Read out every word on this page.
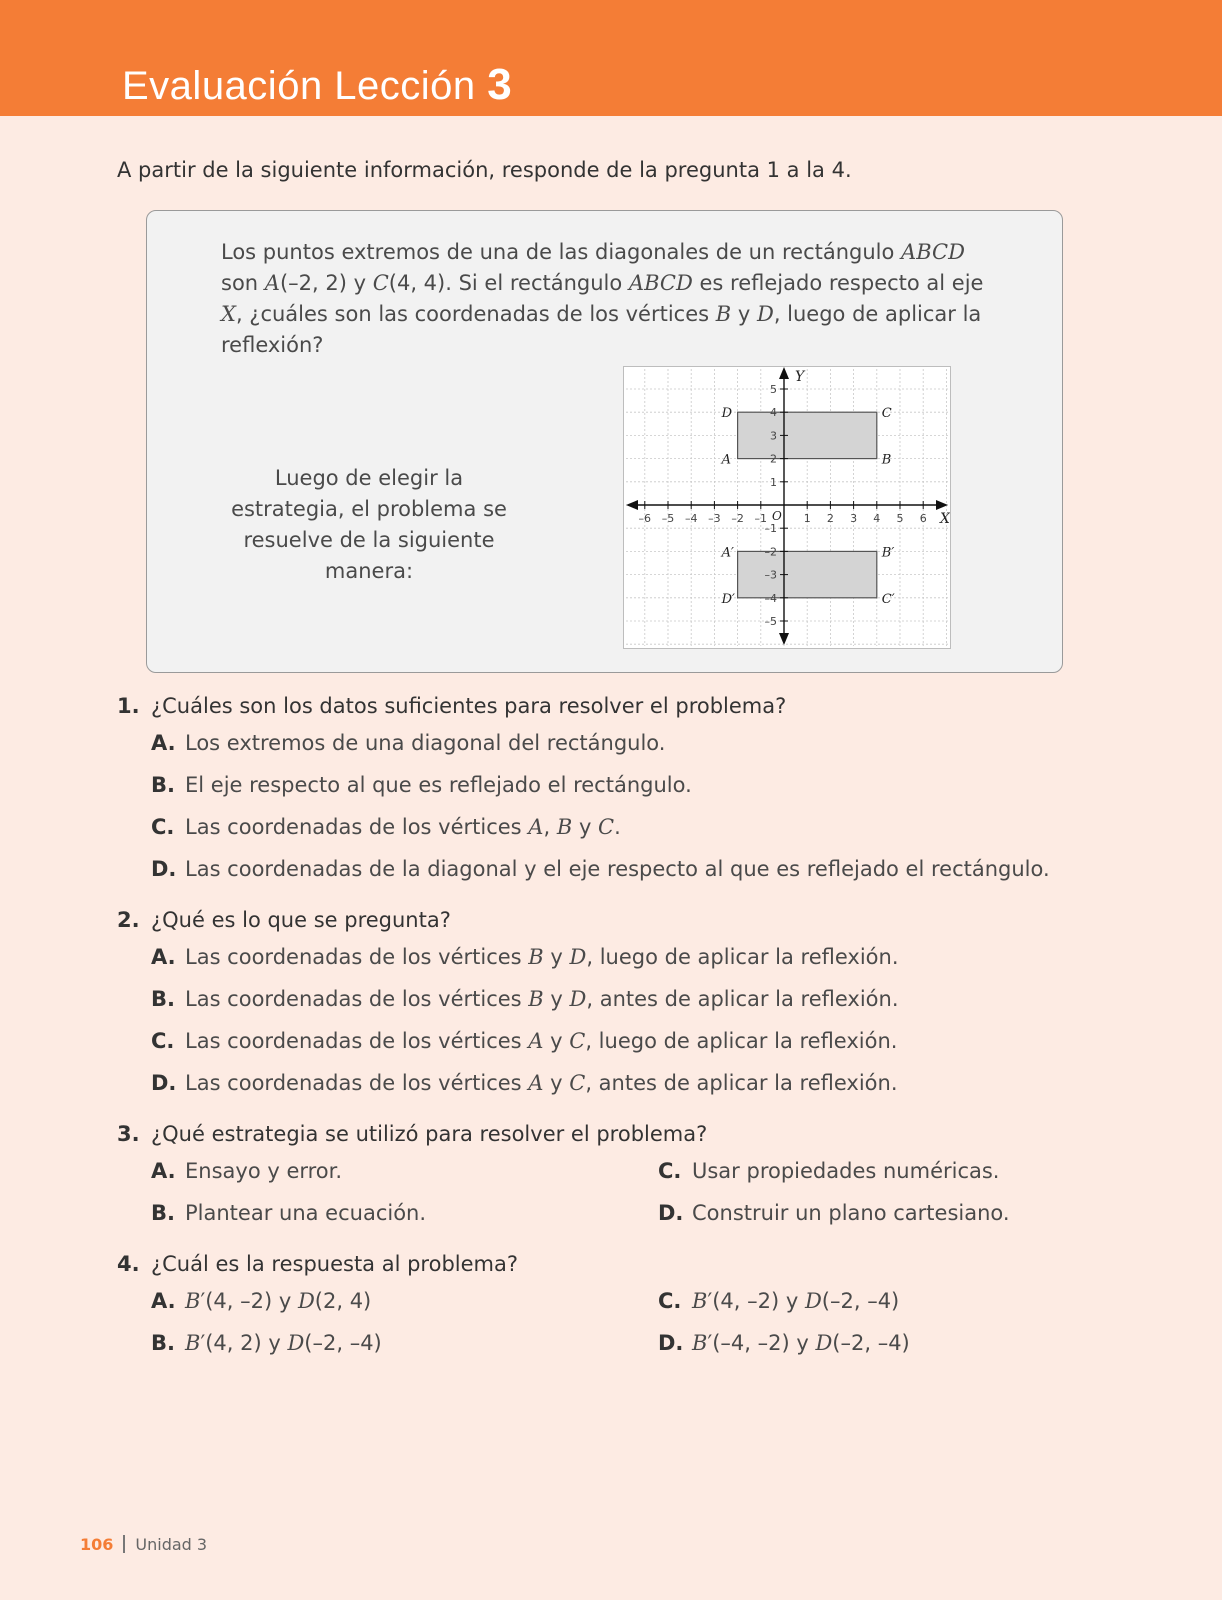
Evaluación Lección 3
A partir de la siguiente información, responde de la pregunta 1 a la 4.
Los puntos extremos de una de las diagonales de un rectángulo ABCD son A(–2, 2) y C(4, 4). Si el rectángulo ABCD es reflejado respecto al eje X, ¿cuáles son las coordenadas de los vértices B y D, luego de aplicar la reflexión?
Luego de elegir la estrategia, el problema se resuelve de la siguiente manera:
–6 –5 –4 –3 –2 –1	1 2 3 4 5 6
–5
–4
–3
–2
–1
1
2
3
4
5
X
Y
O
D	C
A	B
A′	B′
D′	C′
1. ¿Cuáles son los datos suficientes para resolver el problema?
A. Los extremos de una diagonal del rectángulo.
B. El eje respecto al que es reflejado el rectángulo.
C. Las coordenadas de los vértices A, B y C.
D. Las coordenadas de la diagonal y el eje respecto al que es reflejado el rectángulo.
2. ¿Qué es lo que se pregunta?
A. Las coordenadas de los vértices B y D, luego de aplicar la reflexión.
B. Las coordenadas de los vértices B y D, antes de aplicar la reflexión.
C. Las coordenadas de los vértices A y C, luego de aplicar la reflexión.
D. Las coordenadas de los vértices A y C, antes de aplicar la reflexión.
3. ¿Qué estrategia se utilizó para resolver el problema?
A. Ensayo y error.
B. Plantear una ecuación.
C. Usar propiedades numéricas.
D. Construir un plano cartesiano.
4. ¿Cuál es la respuesta al problema?
A. B′(4, –2) y D(2, 4)
B. B′(4, 2) y D(–2, –4)
C. B′(4, –2) y D(–2, –4)
D. B′(–4, –2) y D(–2, –4)
106 Unidad 3
